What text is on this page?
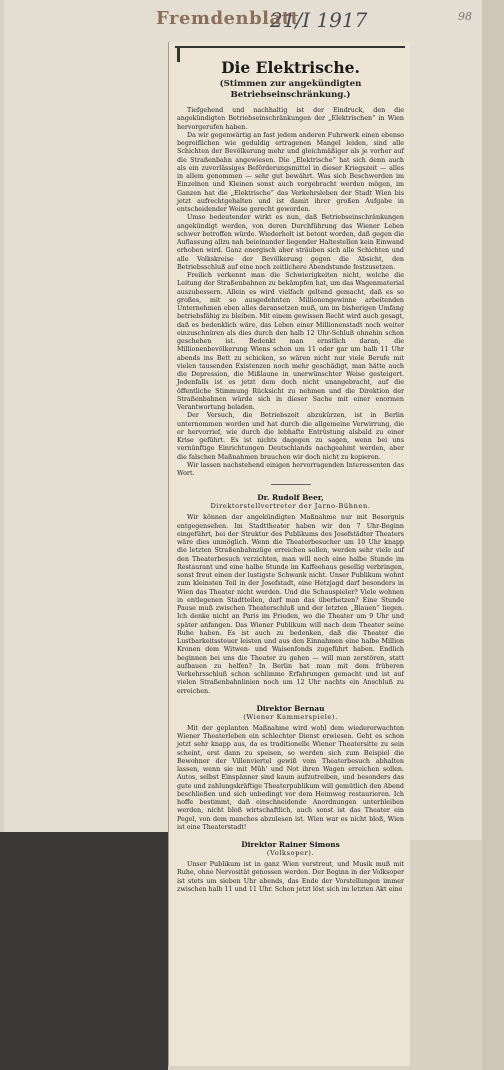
Fremdenblatt
21/I 1917	98
Die Elektrische.
(Stimmen zur angekündigten Betriebseinschränkung.)

Tiefgehend und nachhaltig ist der Eindruck, den die angekündigten Betriebseinschränkungen der „Elektrischen“ in Wien hervorgerufen haben.

Da wir gegenwärtig an fast jedem anderen Fuhrwerk einen ebenso begreiflichen wie geduldig ertragenen Mangel leiden, sind alle Schichten der Bevölkerung mehr und gleichmäßiger als je vorher auf die Straßenbahn angewiesen. Die „Elektrische“ hat sich denn auch als ein zuverlässiges Beförderungsmittel in dieser Kriegszeit — alles in allem genommen — sehr gut bewährt. Was sich Beschwerden im Einzelnen und Kleinen sonst auch vorgebracht werden mögen, im Ganzen hat die „Elektrische“ das Verkehrsleben der Stadt Wien bis jetzt aufrechtgehalten und ist damit ihrer großen Aufgabe in entscheidender Weise gerecht geworden.

Umso bedeutender wirkt es nun, daß Betriebseinschränkungen angekündigt werden, von deren Durchführung das Wiener Leben schwer betroffen würde. Wiederholt ist betont worden, daß gegen die Auflassung allzu nah beieinander liegender Haltestellen kein Einwand erhoben wird. Ganz energisch aber sträuben sich alle Schichten und alle Volkskreise der Bevölkerung gegen die Absicht, den Betriebsschluß auf eine noch zeitlichere Abendstunde festzusetzen.

Freilich verkennt man die Schwierigkeiten nicht, welche die Leitung der Straßenbahnen zu bekämpfen hat, um das Wagenmaterial auszubessern. Allein es wird vielfach geltend gemacht, daß es so großes, mit so ausgedehnten Millionengewinne arbeitenden Unternehmen eben alles daransetzen muß, um im bisherigen Umfang betriebsfähig zu bleiben. Mit einem gewissen Recht wird auch gesagt, daß es bedenklich wäre, das Leben einer Millionenstadt noch weiter einzuschnüren als dies durch den halb 12 Uhr-Schluß ohnehin schon geschehen ist. Bedenkt man ernstlich daran, die Millionenbevölkerung Wiens schon um 11 oder gar um halb 11 Uhr abends ins Bett zu schicken, so wären nicht nur viele Berufe mit vielen tausenden Existenzen noch mehr geschädigt, man hätte auch die Depression, die Mißlaune in unerwünschter Weise gesteigert. Jedenfalls ist es jetzt dem doch nicht unangebracht, auf die öffentliche Stimmung Rücksicht zu nehmen und die Direktion der Straßenbahnen würde sich in dieser Sache mit einer enormen Verantwortung beladen.

Der Versuch, die Betriebszeit abzukürzen, ist in Berlin unternommen worden und hat durch die allgemeine Verwirrung, die er hervorrief, wie durch die lebhafte Entrüstung alsbald zu einer Krise geführt. Es ist nichts dagegen zu sagen, wenn bei uns vernünftige Einrichtungen Deutschlands nachgeahmt werden, aber die falschen Maßnahmen brauchen wir doch nicht zu kopieren.

Wir lassen nachstehend einigen hervorragenden Interessenten das Wort.

Dr. Rudolf Beer,
Direktorstellvertreter der Jarno-Bühnen.

Wir können der angekündigten Maßnahme nur mit Besorgnis entgegensehen. Im Stadttheater haben wir den 7 Uhr-Beginn eingeführt, bei der Struktur des Publikums des Josefstädter Theaters wäre dies unmöglich. Wenn die Theaterbesucher um 10 Uhr knapp die letzten Straßenbahnzüge erreichen sollen, werden sehr viele auf den Theaterbesuch verzichten, man will noch eine halbe Stunde im Restaurant und eine halbe Stunde im Kaffeehaus gesellig verbringen, sonst freut einen der lustigste Schwank nicht. Unser Publikum wohnt zum kleinsten Teil in der Josefstadt, eine Hetzjagd darf besonders in Wien das Theater nicht werden. Und die Schauspieler? Viele wohnen in entlegenen Stadtteilen, darf man das überhetzen? Eine Stunde Pause muß zwischen Theaterschluß und der letzten „Blauen“ liegen. Ich denke nicht an Paris im Frieden, wo die Theater um 9 Uhr und später anfangen. Das Wiener Publikum will nach dem Theater seine Ruhe haben. Es ist auch zu bedenken, daß die Theater die Lustbarkeitssteuer leisten und aus den Einnahmen eine halbe Million Kronen dem Witwen- und Waisenfonds zugeführt haben. Endlich beginnen bei uns die Theater zu gehen — will man zerstören, statt aufbauen zu helfen? In Berlin hat man mit dem früheren Verkehrsschluß schon schlimme Erfahrungen gemacht und ist auf vielen Straßenbahnlinien noch um 12 Uhr nachts ein Anschluß zu erreichen.

Direktor Bernau
(Wiener Kammerspiele).

Mit der geplanten Maßnahme wird wohl dem wiedererwachten Wiener Theaterleben ein schlechter Dienst erwiesen. Geht es schon jetzt sehr knapp aus, da es traditionelle Wiener Theatersitte zu sein scheint, erst dann zu speisen, so werden sich zum Beispiel die Bewohner der Villenviertel gewiß vom Theaterbesuch abhalten lassen, wenn sie mit Müh' und Not ihren Wagen erreichen sollen. Autos, selbst Einspänner sind kaum aufzutreiben, und besonders das gute und zahlungskräftige Theaterpublikum will gemütlich den Abend beschließen und sich unbedingt vor dem Heimweg restaurieren. Ich hoffe bestimmt, daß einschneidende Anordnungen unterbleiben werden, nicht bloß wirtschaftlich, auch sonst ist das Theater ein Pegel, von dem manches abzulesen ist. Wien war es nicht bloß, Wien ist eine Theaterstadt!

Direktor Rainer Simons
(Volksoper).

Unser Publikum ist in ganz Wien verstreut, und Musik muß mit Ruhe, ohne Nervosität genossen werden. Der Beginn in der Volksoper ist stets um sieben Uhr abends, das Ende der Vorstellungen immer zwischen halb 11 und 11 Uhr. Schon jetzt löst sich im letzten Akt eine
